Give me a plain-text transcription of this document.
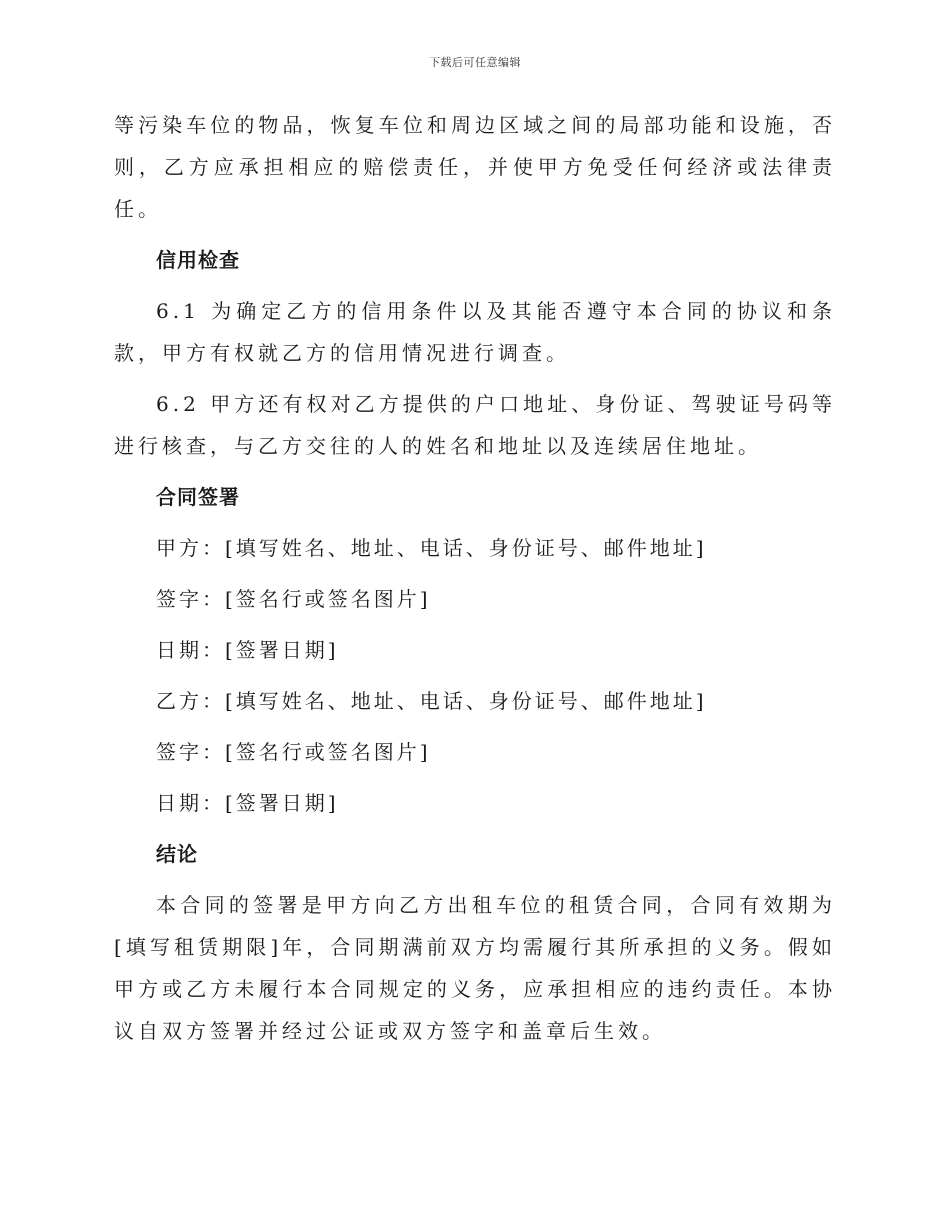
下载后可任意编辑

等污染车位的物品，恢复车位和周边区域之间的局部功能和设施，否则，乙方应承担相应的赔偿责任，并使甲方免受任何经济或法律责任。

信用检查

6.1 为确定乙方的信用条件以及其能否遵守本合同的协议和条款，甲方有权就乙方的信用情况进行调查。

6.2 甲方还有权对乙方提供的户口地址、身份证、驾驶证号码等进行核查，与乙方交往的人的姓名和地址以及连续居住地址。

合同签署
甲方：[填写姓名、地址、电话、身份证号、邮件地址]
签字：[签名行或签名图片]
日期：[签署日期]
乙方：[填写姓名、地址、电话、身份证号、邮件地址]
签字：[签名行或签名图片]
日期：[签署日期]
结论

本合同的签署是甲方向乙方出租车位的租赁合同，合同有效期为[填写租赁期限]年，合同期满前双方均需履行其所承担的义务。假如甲方或乙方未履行本合同规定的义务，应承担相应的违约责任。本协议自双方签署并经过公证或双方签字和盖章后生效。
